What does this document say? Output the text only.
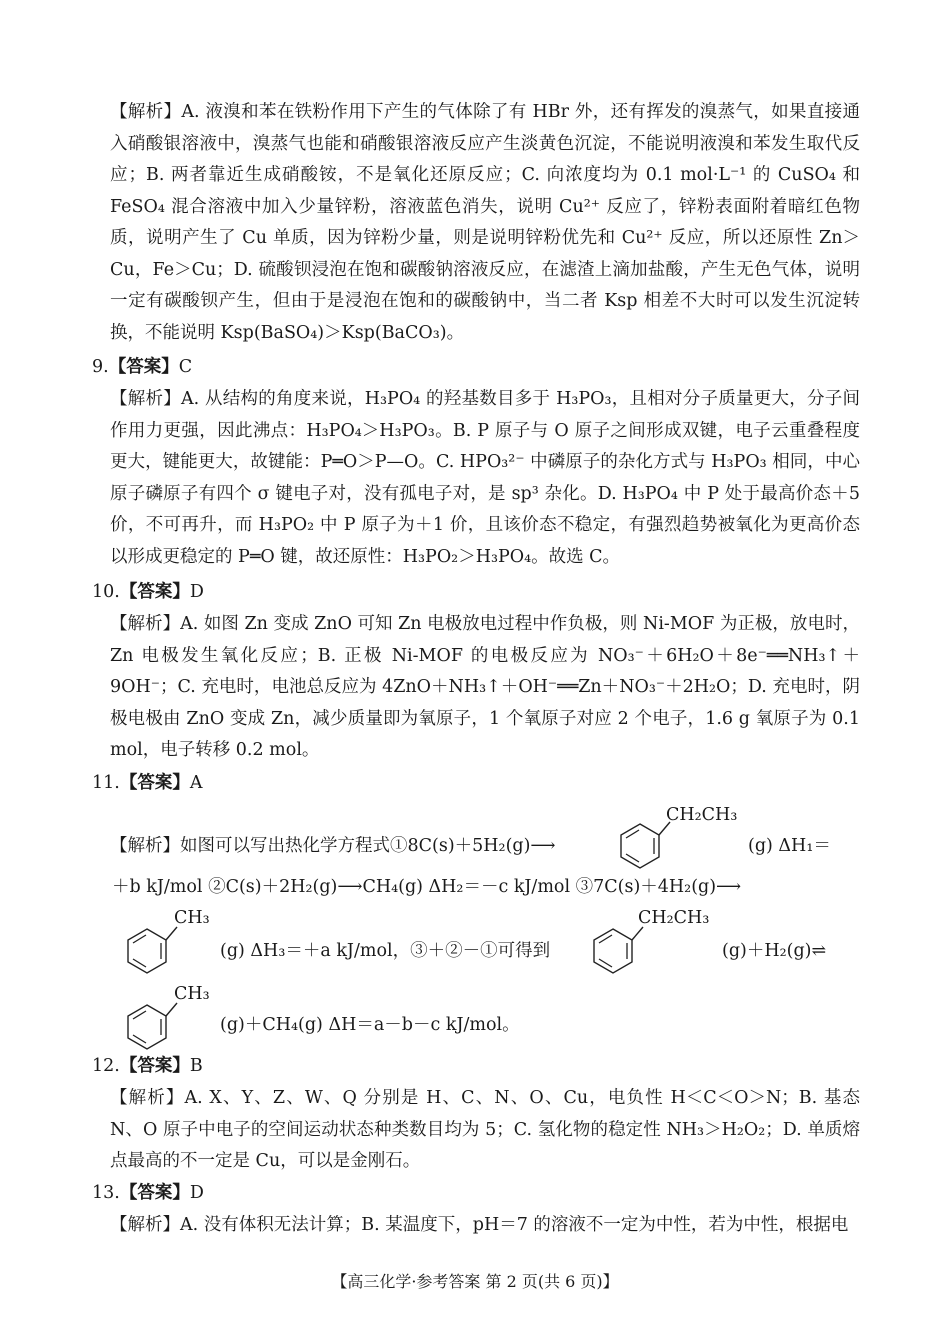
【解析】A. 液溴和苯在铁粉作用下产生的气体除了有 HBr 外，还有挥发的溴蒸气，如果直接通入硝酸银溶液中，溴蒸气也能和硝酸银溶液反应产生淡黄色沉淀，不能说明液溴和苯发生取代反应；B. 两者靠近生成硝酸铵，不是氧化还原反应；C. 向浓度均为 0.1 mol·L⁻¹ 的 CuSO₄ 和 FeSO₄ 混合溶液中加入少量锌粉，溶液蓝色消失，说明 Cu²⁺ 反应了，锌粉表面附着暗红色物质，说明产生了 Cu 单质，因为锌粉少量，则是说明锌粉优先和 Cu²⁺ 反应，所以还原性 Zn＞Cu，Fe＞Cu；D. 硫酸钡浸泡在饱和碳酸钠溶液反应，在滤渣上滴加盐酸，产生无色气体，说明一定有碳酸钡产生，但由于是浸泡在饱和的碳酸钠中，当二者 Ksp 相差不大时可以发生沉淀转换，不能说明 Ksp(BaSO₄)＞Ksp(BaCO₃)。

9.【答案】C

【解析】A. 从结构的角度来说，H₃PO₄ 的羟基数目多于 H₃PO₃，且相对分子质量更大，分子间作用力更强，因此沸点：H₃PO₄＞H₃PO₃。B. P 原子与 O 原子之间形成双键，电子云重叠程度更大，键能更大，故键能：P═O＞P—O。C. HPO₃²⁻ 中磷原子的杂化方式与 H₃PO₃ 相同，中心原子磷原子有四个 σ 键电子对，没有孤电子对，是 sp³ 杂化。D. H₃PO₄ 中 P 处于最高价态＋5 价，不可再升，而 H₃PO₂ 中 P 原子为＋1 价，且该价态不稳定，有强烈趋势被氧化为更高价态以形成更稳定的 P═O 键，故还原性：H₃PO₂＞H₃PO₄。故选 C。

10.【答案】D

【解析】A. 如图 Zn 变成 ZnO 可知 Zn 电极放电过程中作负极，则 Ni-MOF 为正极，放电时，Zn 电极发生氧化反应；B. 正极 Ni-MOF 的电极反应为 NO₃⁻＋6H₂O＋8e⁻══NH₃↑＋9OH⁻；C. 充电时，电池总反应为 4ZnO＋NH₃↑＋OH⁻══Zn＋NO₃⁻＋2H₂O；D. 充电时，阴极电极由 ZnO 变成 Zn，减少质量即为氧原子，1 个氧原子对应 2 个电子，1.6 g 氧原子为 0.1 mol，电子转移 0.2 mol。

11.【答案】A

【解析】如图可以写出热化学方程式①8C(s)＋5H₂(g)⟶

CH₂CH₃

(g) ΔH₁＝

＋b kJ/mol ②C(s)＋2H₂(g)⟶CH₄(g) ΔH₂＝－c kJ/mol ③7C(s)＋4H₂(g)⟶

CH₃

(g) ΔH₃＝＋a kJ/mol，③＋②－①可得到

CH₂CH₃

(g)＋H₂(g)⇌

CH₃

(g)＋CH₄(g) ΔH＝a－b－c kJ/mol。

12.【答案】B

【解析】A. X、Y、Z、W、Q 分别是 H、C、N、O、Cu，电负性 H＜C＜O＞N；B. 基态 N、O 原子中电子的空间运动状态种类数目均为 5；C. 氢化物的稳定性 NH₃＞H₂O₂；D. 单质熔点最高的不一定是 Cu，可以是金刚石。

13.【答案】D

【解析】A. 没有体积无法计算；B. 某温度下，pH＝7 的溶液不一定为中性，若为中性，根据电

【高三化学·参考答案 第 2 页(共 6 页)】
